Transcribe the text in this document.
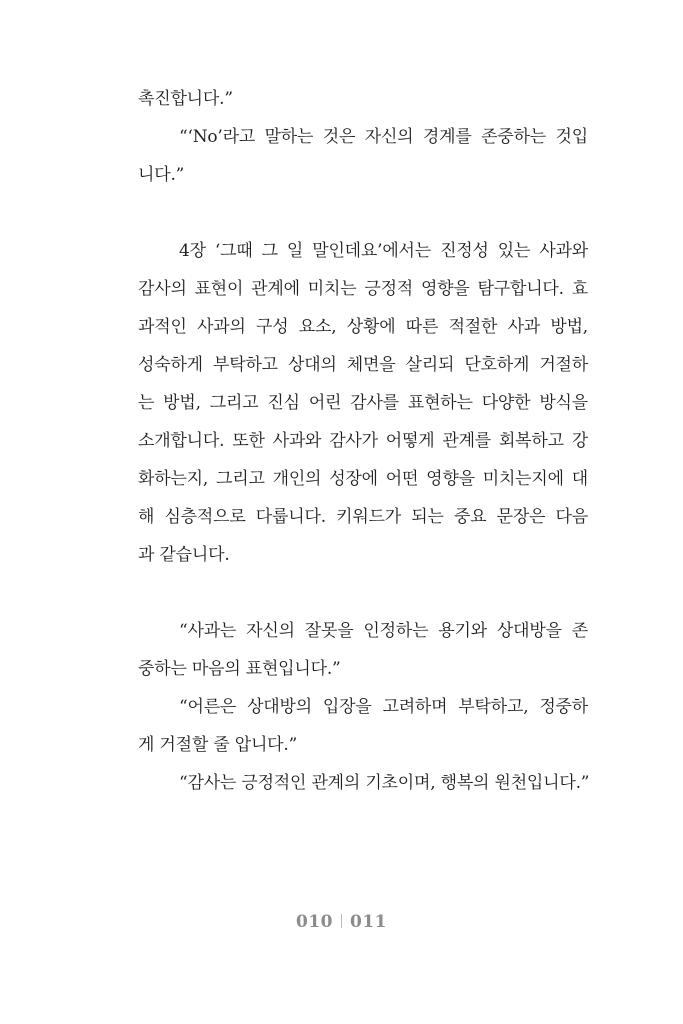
촉진합니다.”
“‘No’라고 말하는 것은 자신의 경계를 존중하는 것입
니다.”
4장 ‘그때 그 일 말인데요’에서는 진정성 있는 사과와
감사의 표현이 관계에 미치는 긍정적 영향을 탐구합니다. 효
과적인 사과의 구성 요소, 상황에 따른 적절한 사과 방법,
성숙하게 부탁하고 상대의 체면을 살리되 단호하게 거절하
는 방법, 그리고 진심 어린 감사를 표현하는 다양한 방식을
소개합니다. 또한 사과와 감사가 어떻게 관계를 회복하고 강
화하는지, 그리고 개인의 성장에 어떤 영향을 미치는지에 대
해 심층적으로 다룹니다. 키워드가 되는 중요 문장은 다음
과 같습니다.
“사과는 자신의 잘못을 인정하는 용기와 상대방을 존
중하는 마음의 표현입니다.”
“어른은 상대방의 입장을 고려하며 부탁하고, 정중하
게 거절할 줄 압니다.”
“감사는 긍정적인 관계의 기초이며, 행복의 원천입니다.”
010 011
